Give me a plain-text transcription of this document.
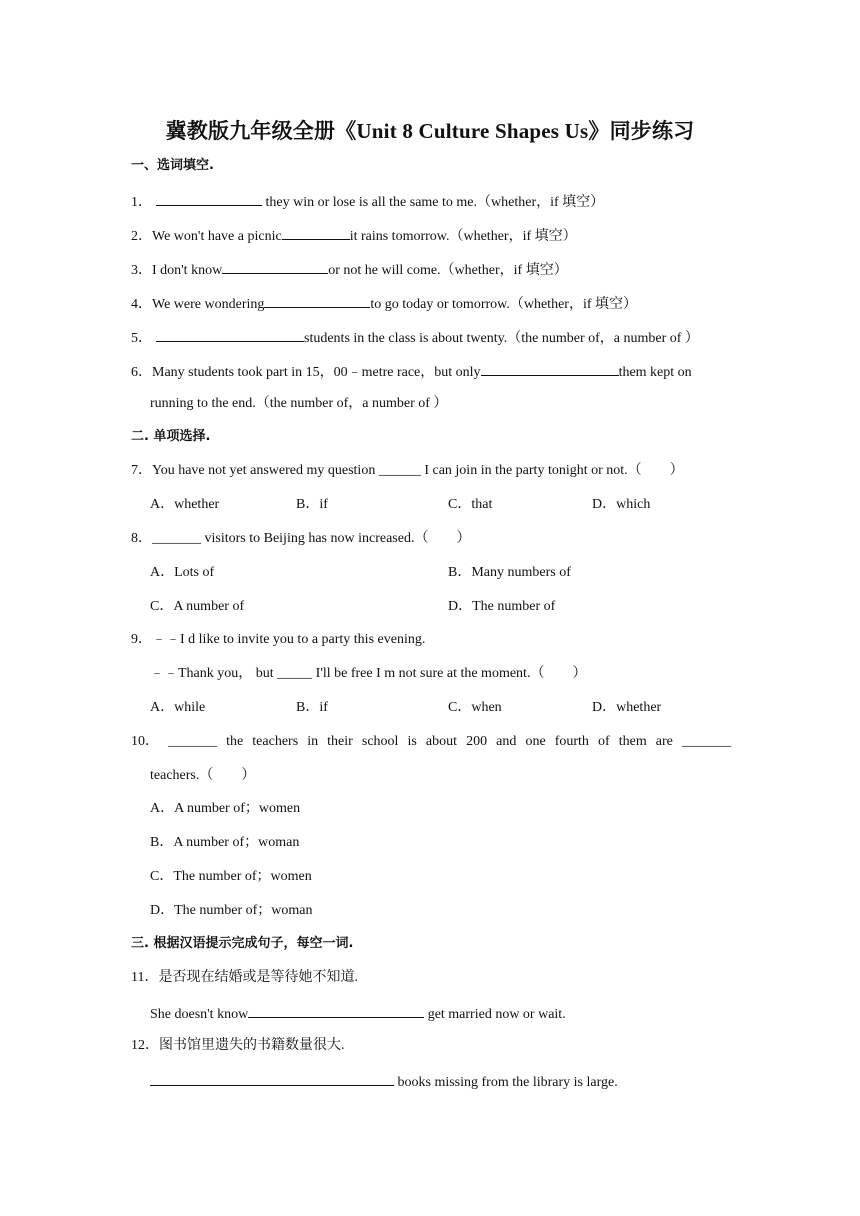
冀教版九年级全册《Unit 8 Culture Shapes Us》同步练习
一、选词填空.
1．	they win or lose is all the same to me.（whether，if 填空）
2．We won't have a picnic	it rains tomorrow.（whether，if 填空）
3．I don't know	or not he will come.（whether，if 填空）
4．We were wondering	to go today or tomorrow.（whether，if 填空）
5．	students in the class is about twenty.（the number of，a number of ）
6．Many students took part in 15，00﹣metre race，but only	them kept on
running to the end.（the number of，a number of ）
二. 单项选择.
7．You have not yet answered my question ______ I can join in the party tonight or not.（　　）
A．whether	B．if	C．that	D．which
8．_______ visitors to Beijing has now increased.（　　）
A．Lots of	B．Many numbers of
C．A number of	D．The number of
9．﹣﹣I d like to invite you to a party this evening.
﹣﹣Thank you， but _____ I'll be free I m not sure at the moment.（　　）
A．while	B．if	C．when	D．whether
10． _______ the teachers in their school is about 200 and one fourth of them are _______
teachers.（　　）
A．A number of；women
B．A number of；woman
C．The number of；women
D．The number of；woman
三. 根据汉语提示完成句子，每空一词.
11．是否现在结婚或是等待她不知道.
She doesn't know	get married now or wait.
12．图书馆里遗失的书籍数量很大.
books missing from the library is large.
